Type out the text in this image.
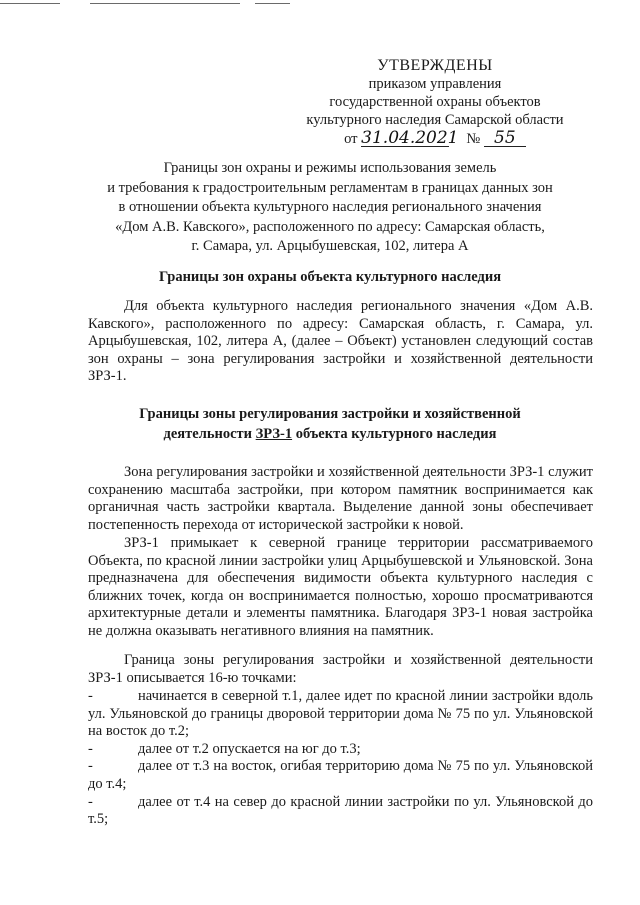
УТВЕРЖДЕНЫ
приказом управления
государственной охраны объектов
культурного наследия Самарской области
от 31.04.2021 № 55
Границы зон охраны и режимы использования земель
и требования к градостроительным регламентам в границах данных зон
в отношении объекта культурного наследия регионального значения
«Дом А.В. Кавского», расположенного по адресу: Самарская область,
г. Самара, ул. Арцыбушевская, 102, литера А
Границы зон охраны объекта культурного наследия
Для объекта культурного наследия регионального значения «Дом А.В. Кавского», расположенного по адресу: Самарская область, г. Самара, ул. Арцыбушевская, 102, литера А, (далее – Объект) установлен следующий состав зон охраны – зона регулирования застройки и хозяйственной деятельности ЗРЗ-1.
Границы зоны регулирования застройки и хозяйственной
деятельности ЗРЗ-1 объекта культурного наследия
Зона регулирования застройки и хозяйственной деятельности ЗРЗ-1 служит сохранению масштаба застройки, при котором памятник воспринимается как органичная часть застройки квартала. Выделение данной зоны обеспечивает постепенность перехода от исторической застройки к новой.
ЗРЗ-1 примыкает к северной границе территории рассматриваемого Объекта, по красной линии застройки улиц Арцыбушевской и Ульяновской. Зона предназначена для обеспечения видимости объекта культурного наследия с ближних точек, когда он воспринимается полностью, хорошо просматриваются архитектурные детали и элементы памятника. Благодаря ЗРЗ-1 новая застройка не должна оказывать негативного влияния на памятник.
Граница зоны регулирования застройки и хозяйственной деятельности ЗРЗ-1 описывается 16-ю точками:
-	начинается в северной т.1, далее идет по красной линии застройки вдоль ул. Ульяновской до границы дворовой территории дома № 75 по ул. Ульяновской на восток до т.2;
-	далее от т.2 опускается на юг до т.3;
-	далее от т.3 на восток, огибая территорию дома № 75 по ул. Ульяновской до т.4;
-	далее от т.4 на север до красной линии застройки по ул. Ульяновской до т.5;
